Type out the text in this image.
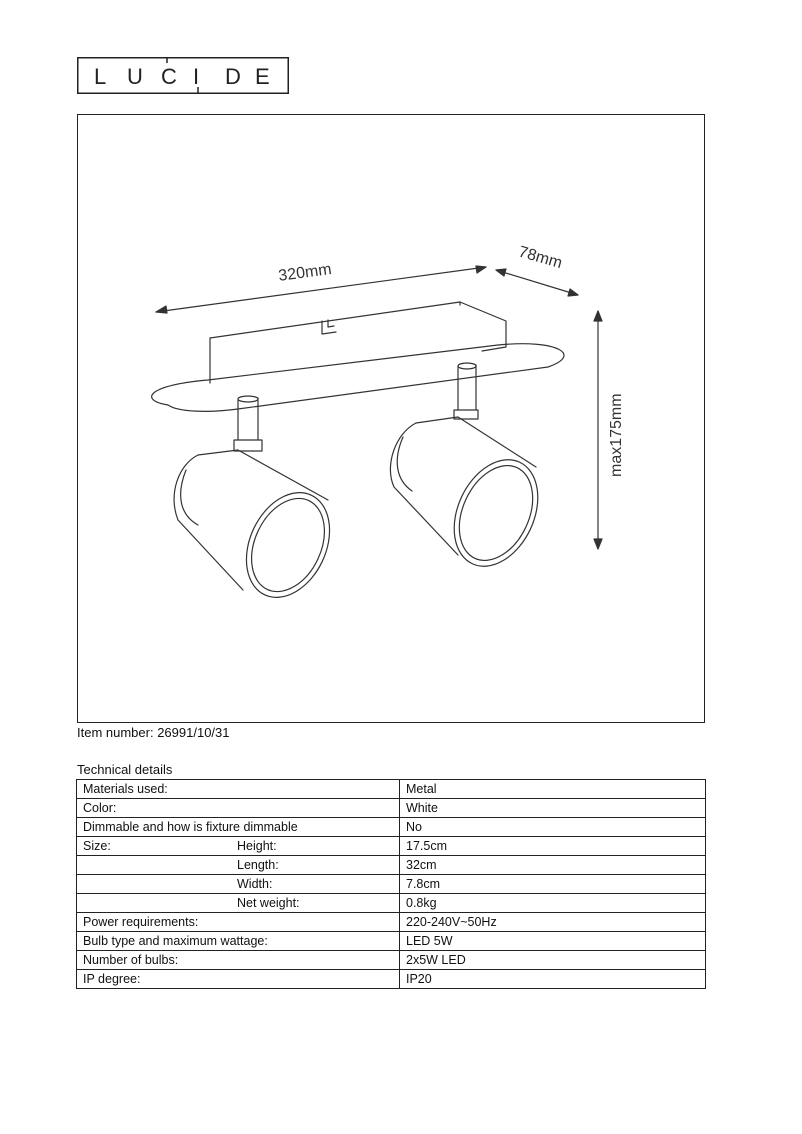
L U C I D E
320mm
78mm
max175mm
Item number: 26991/10/31
Technical details
Materials used:	Metal
Color:	White
Dimmable and how is fixture dimmable	No
Size: Height:	17.5cm

Length:	32cm

Width:	7.8cm

Net weight:	0.8kg
Power requirements:	220-240V~50Hz
Bulb type and maximum wattage:	LED 5W
Number of bulbs:	2x5W LED
IP degree:	IP20
